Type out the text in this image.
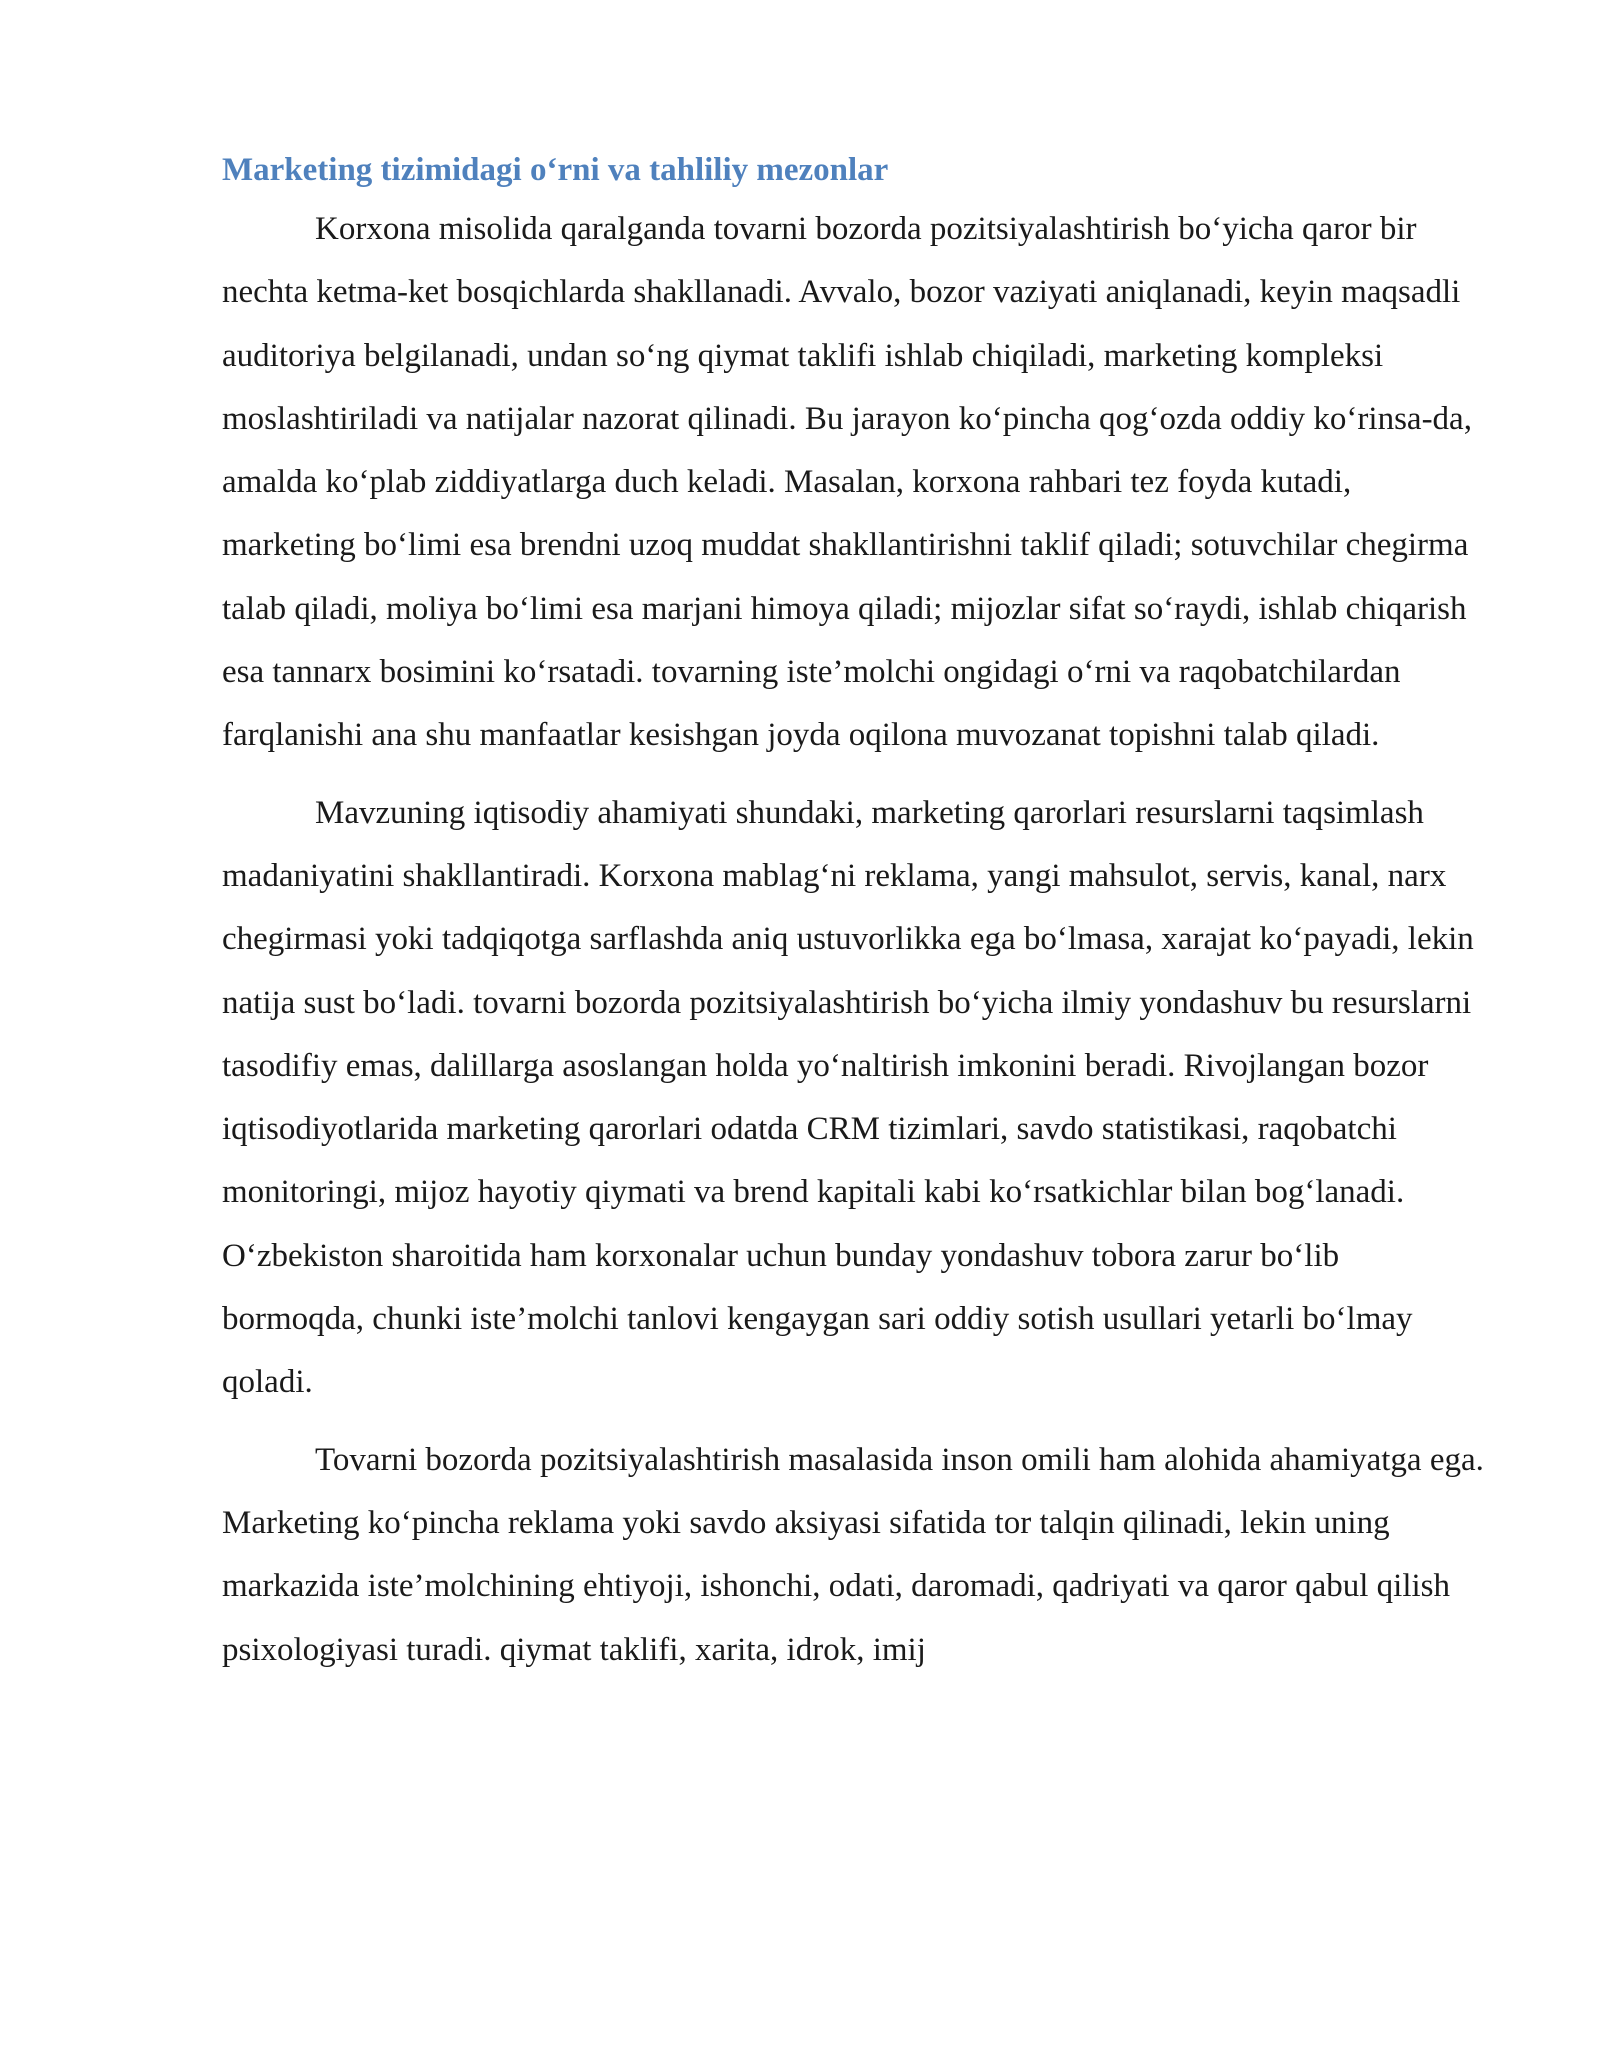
Marketing tizimidagi o‘rni va tahliliy mezonlar

Korxona misolida qaralganda tovarni bozorda pozitsiyalashtirish bo‘yicha qaror bir nechta ketma-ket bosqichlarda shakllanadi. Avvalo, bozor vaziyati aniqlanadi, keyin maqsadli auditoriya belgilanadi, undan so‘ng qiymat taklifi ishlab chiqiladi, marketing kompleksi moslashtiriladi va natijalar nazorat qilinadi. Bu jarayon ko‘pincha qog‘ozda oddiy ko‘rinsa-da, amalda ko‘plab ziddiyatlarga duch keladi. Masalan, korxona rahbari tez foyda kutadi, marketing bo‘limi esa brendni uzoq muddat shakllantirishni taklif qiladi; sotuvchilar chegirma talab qiladi, moliya bo‘limi esa marjani himoya qiladi; mijozlar sifat so‘raydi, ishlab chiqarish esa tannarx bosimini ko‘rsatadi. tovarning iste’molchi ongidagi o‘rni va raqobatchilardan farqlanishi ana shu manfaatlar kesishgan joyda oqilona muvozanat topishni talab qiladi.

Mavzuning iqtisodiy ahamiyati shundaki, marketing qarorlari resurslarni taqsimlash madaniyatini shakllantiradi. Korxona mablag‘ni reklama, yangi mahsulot, servis, kanal, narx chegirmasi yoki tadqiqotga sarflashda aniq ustuvorlikka ega bo‘lmasa, xarajat ko‘payadi, lekin natija sust bo‘ladi. tovarni bozorda pozitsiyalashtirish bo‘yicha ilmiy yondashuv bu resurslarni tasodifiy emas, dalillarga asoslangan holda yo‘naltirish imkonini beradi. Rivojlangan bozor iqtisodiyotlarida marketing qarorlari odatda CRM tizimlari, savdo statistikasi, raqobatchi monitoringi, mijoz hayotiy qiymati va brend kapitali kabi ko‘rsatkichlar bilan bog‘lanadi. O‘zbekiston sharoitida ham korxonalar uchun bunday yondashuv tobora zarur bo‘lib bormoqda, chunki iste’molchi tanlovi kengaygan sari oddiy sotish usullari yetarli bo‘lmay qoladi.

Tovarni bozorda pozitsiyalashtirish masalasida inson omili ham alohida ahamiyatga ega. Marketing ko‘pincha reklama yoki savdo aksiyasi sifatida tor talqin qilinadi, lekin uning markazida iste’molchining ehtiyoji, ishonchi, odati, daromadi, qadriyati va qaror qabul qilish psixologiyasi turadi. qiymat taklifi, xarita, idrok, imij
